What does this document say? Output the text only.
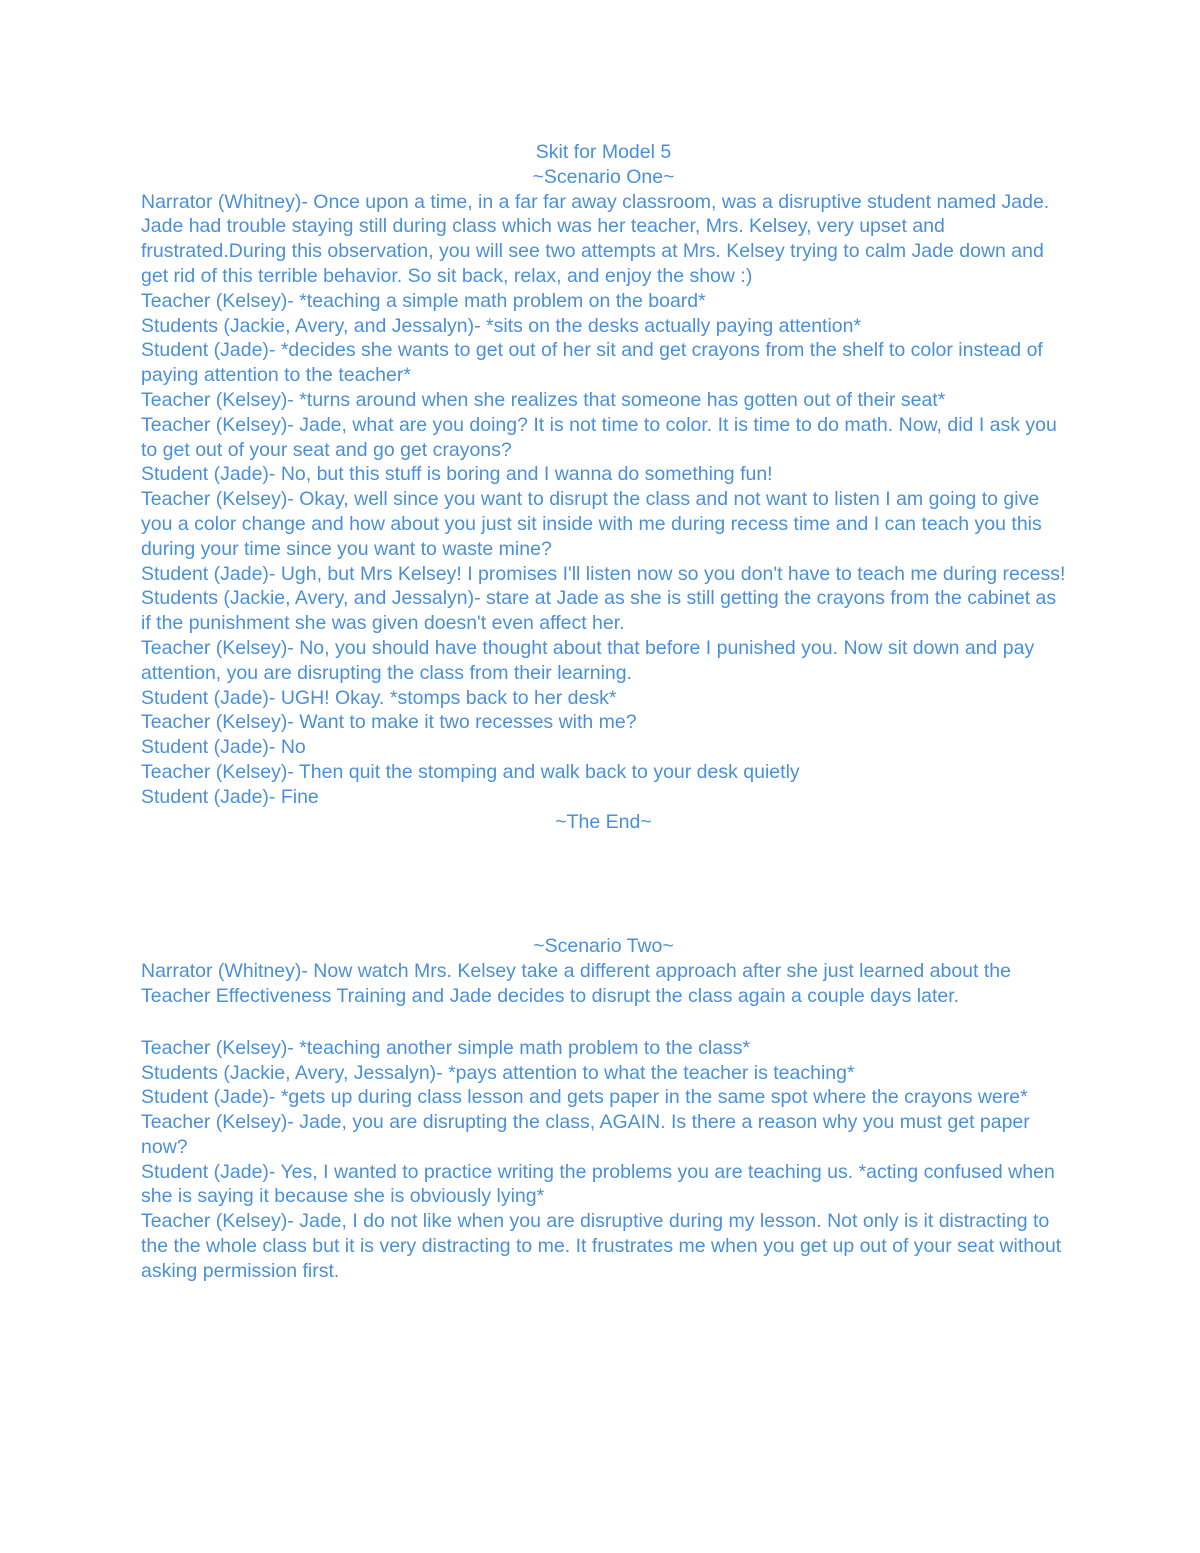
Skit for Model 5

~Scenario One~

Narrator (Whitney)- Once upon a time, in a far far away classroom, was a disruptive student named Jade. Jade had trouble staying still during class which was her teacher, Mrs. Kelsey, very upset and frustrated.During this observation, you will see two attempts at Mrs. Kelsey trying to calm Jade down and get rid of this terrible behavior. So sit back, relax, and enjoy the show :)

Teacher (Kelsey)- *teaching a simple math problem on the board*

Students (Jackie, Avery, and Jessalyn)- *sits on the desks actually paying attention*

Student (Jade)- *decides she wants to get out of her sit and get crayons from the shelf to color instead of paying attention to the teacher*

Teacher (Kelsey)- *turns around when she realizes that someone has gotten out of their seat*

Teacher (Kelsey)- Jade, what are you doing? It is not time to color. It is time to do math. Now, did I ask you to get out of your seat and go get crayons?

Student (Jade)- No, but this stuff is boring and I wanna do something fun!

Teacher (Kelsey)- Okay, well since you want to disrupt the class and not want to listen I am going to give you a color change and how about you just sit inside with me during recess time and I can teach you this during your time since you want to waste mine?

Student (Jade)- Ugh, but Mrs Kelsey! I promises I'll listen now so you don't have to teach me during recess!

Students (Jackie, Avery, and Jessalyn)- stare at Jade as she is still getting the crayons from the cabinet as if the punishment she was given doesn't even affect her.

Teacher (Kelsey)- No, you should have thought about that before I punished you. Now sit down and pay attention, you are disrupting the class from their learning.

Student (Jade)- UGH! Okay. *stomps back to her desk*

Teacher (Kelsey)- Want to make it two recesses with me?

Student (Jade)- No

Teacher (Kelsey)- Then quit the stomping and walk back to your desk quietly

Student (Jade)- Fine

~The End~

~Scenario Two~

Narrator (Whitney)- Now watch Mrs. Kelsey take a different approach after she just learned about the Teacher Effectiveness Training and Jade decides to disrupt the class again a couple days later.

Teacher (Kelsey)- *teaching another simple math problem to the class*

Students (Jackie, Avery, Jessalyn)- *pays attention to what the teacher is teaching*

Student (Jade)- *gets up during class lesson and gets paper in the same spot where the crayons were*

Teacher (Kelsey)- Jade, you are disrupting the class, AGAIN. Is there a reason why you must get paper now?

Student (Jade)- Yes, I wanted to practice writing the problems you are teaching us. *acting confused when she is saying it because she is obviously lying*

Teacher (Kelsey)- Jade, I do not like when you are disruptive during my lesson. Not only is it distracting to the the whole class but it is very distracting to me. It frustrates me when you get up out of your seat without asking permission first.
